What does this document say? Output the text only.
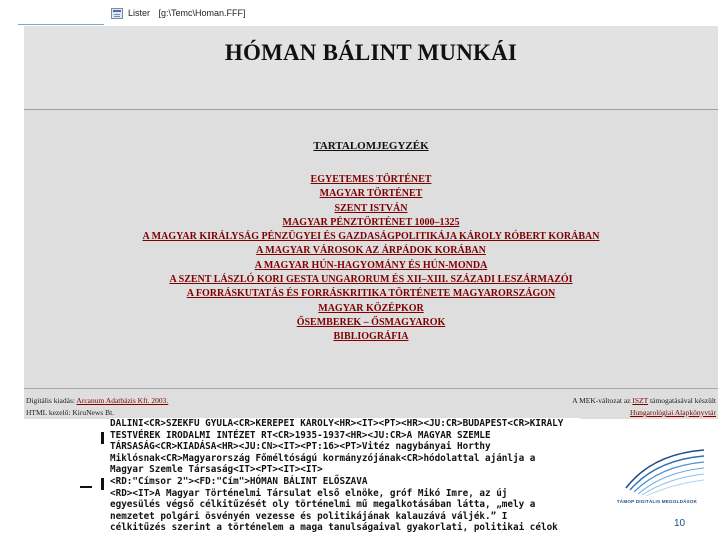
Lister [g:\Temc\Homan.FFF]
HÓMAN BÁLINT MUNKÁI
TARTALOMJEGYZÉK
EGYETEMES TÖRTÉNET
MAGYAR TÖRTÉNET
SZENT ISTVÁN
MAGYAR PÉNZTÖRTÉNET 1000–1325
A MAGYAR KIRÁLYSÁG PÉNZÜGYEI ÉS GAZDASÁGPOLITIKÁJA KÁROLY RÓBERT KORÁBAN
A MAGYAR VÁROSOK AZ ÁRPÁDOK KORÁBAN
A MAGYAR HÚN-HAGYOMÁNY ÉS HÚN-MONDA
A SZENT LÁSZLÓ KORI GESTA UNGARORUM ÉS XII–XIII. SZÁZADI LESZÁRMAZÓI
A FORRÁSKUTATÁS ÉS FORRÁSKRITIKA TÖRTÉNETE MAGYARORSZÁGON
MAGYAR KÖZÉPKOR
ŐSEMBEREK – ŐSMAGYAROK
BIBLIOGRÁFIA
Digitális kiadás: Arcanum Adatbázis Kft. 2003.
HTML kezelő: KiruNews Bt.
A MEK-változat az ISZT támogatásával készült
Hungarológiai Alapkönyvtár
DALINI<CR>SZEKFŰ GYULA<CR>KEREPEI KÁROLY<HR><IT><PT><HR><JU:CR>BUDAPEST<CR>KIRÁLY
TESTVÉREK IRODALMI INTÉZET RT<CR>1935-1937<HR><JU:CR>A MAGYAR SZEMLE
TÁRSASÁG<CR>KIADÁSA<HR><JU:CN><IT><PT:16><PT>Vitéz nagybányai Horthy
Miklósnak<CR>Magyarország Főméltóságú kormányzójának<CR>hódolattal ajánlja a
Magyar Szemle Társaság<IT><PT><IT><IT>
<RD:"Címsor 2"><FD:"Cím">HÓMAN BÁLINT ELŐSZAVA
<RD><IT>A Magyar Történelmi Társulat első elnöke, gróf Mikó Imre, az új
egyesülés végső célkitűzését oly történelmi mű megalkotásában látta, „mely a
nemzetet polgári ösvényén vezesse és politikájának kalauzává váljék.” I
célkitűzés szerint a történelem a maga tanulságaival gyakorlati, politikai célok
TÁMOP DIGITÁLIS MEGOLDÁSOK
10
